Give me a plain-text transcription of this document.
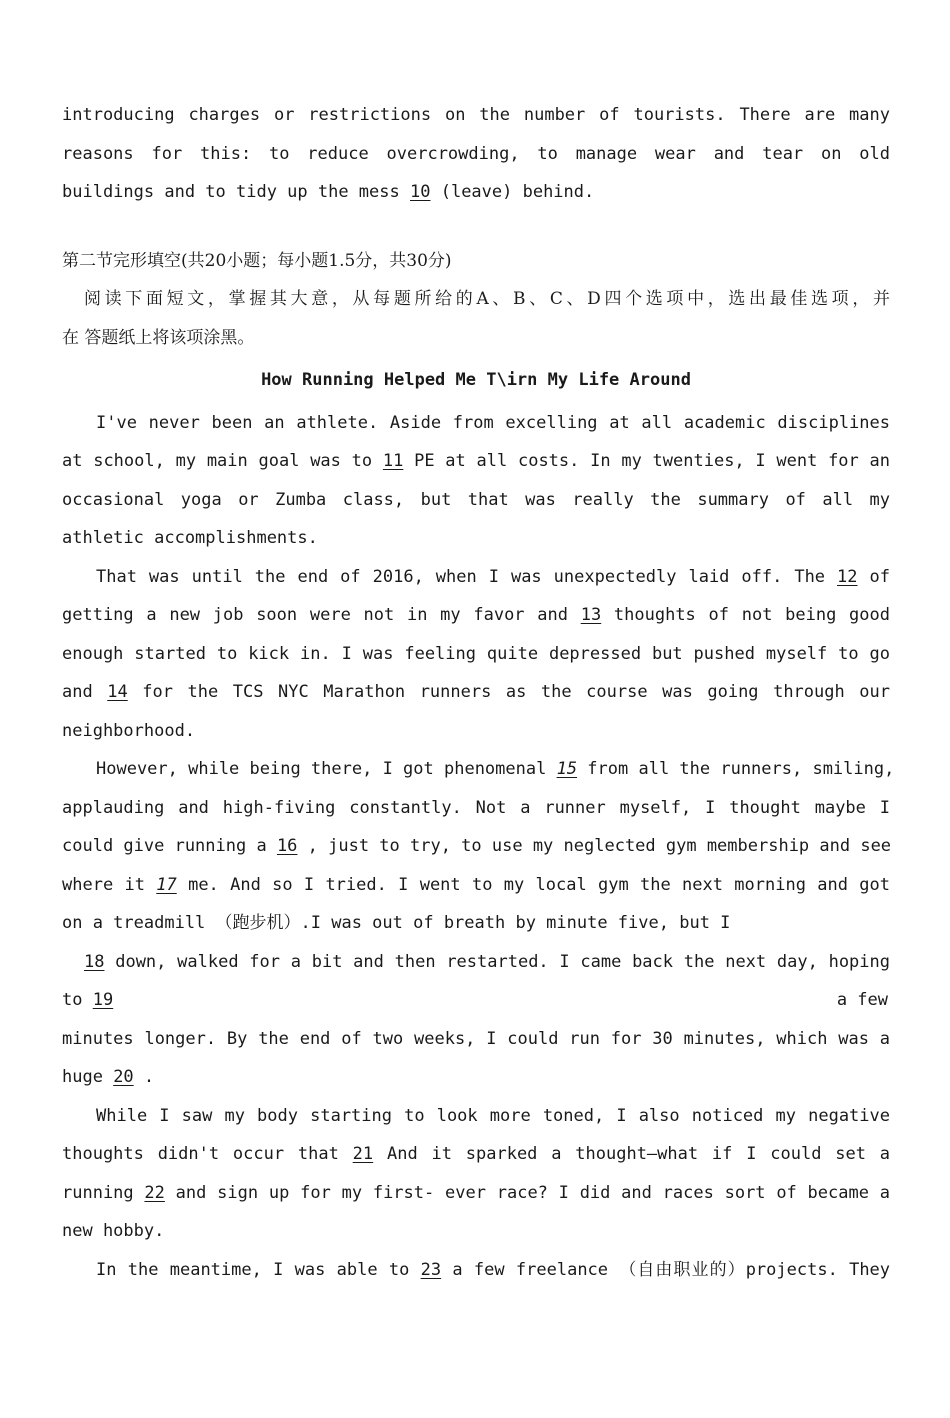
introducing charges or restrictions on the number of tourists. There are many
reasons for this: to reduce overcrowding, to manage wear and tear on old
buildings and to tidy up the mess 10 (leave) behind.
第二节完形填空(共20小题；每小题1.5分，共30分)
阅读下面短文，掌握其大意，从每题所给的A、B、C、D四个选项中，选出最佳选项，并
在 答题纸上将该项涂黑。
How Running Helped Me T\irn My Life Around
I've never been an athlete. Aside from excelling at all academic disciplines
at school, my main goal was to 11 PE at all costs. In my twenties, I went for an
occasional yoga or Zumba class, but that was really the summary of all my
athletic accomplishments.
That was until the end of 2016, when I was unexpectedly laid off. The 12 of
getting a new job soon were not in my favor and 13 thoughts of not being good
enough started to kick in. I was feeling quite depressed but pushed myself to go
and 14 for the TCS NYC Marathon runners as the course was going through our
neighborhood.
However, while being there, I got phenomenal 15 from all the runners, smiling,
applauding and high-fiving constantly. Not a runner myself, I thought maybe I
could give running a 16 , just to try, to use my neglected gym membership and see
where it 17 me. And so I tried. I went to my local gym the next morning and got
on a treadmill （跑步机）.I was out of breath by minute five, but I
18 down, walked for a bit and then restarted. I came back the next day, hoping
to 19	a few
minutes longer. By the end of two weeks, I could run for 30 minutes, which was a
huge 20 .
While I saw my body starting to look more toned, I also noticed my negative
thoughts didn't occur that 21 And it sparked a thought—what if I could set a
running 22 and sign up for my first- ever race? I did and races sort of became a
new hobby.
In the meantime, I was able to 23 a few freelance （自由职业的）projects. They
